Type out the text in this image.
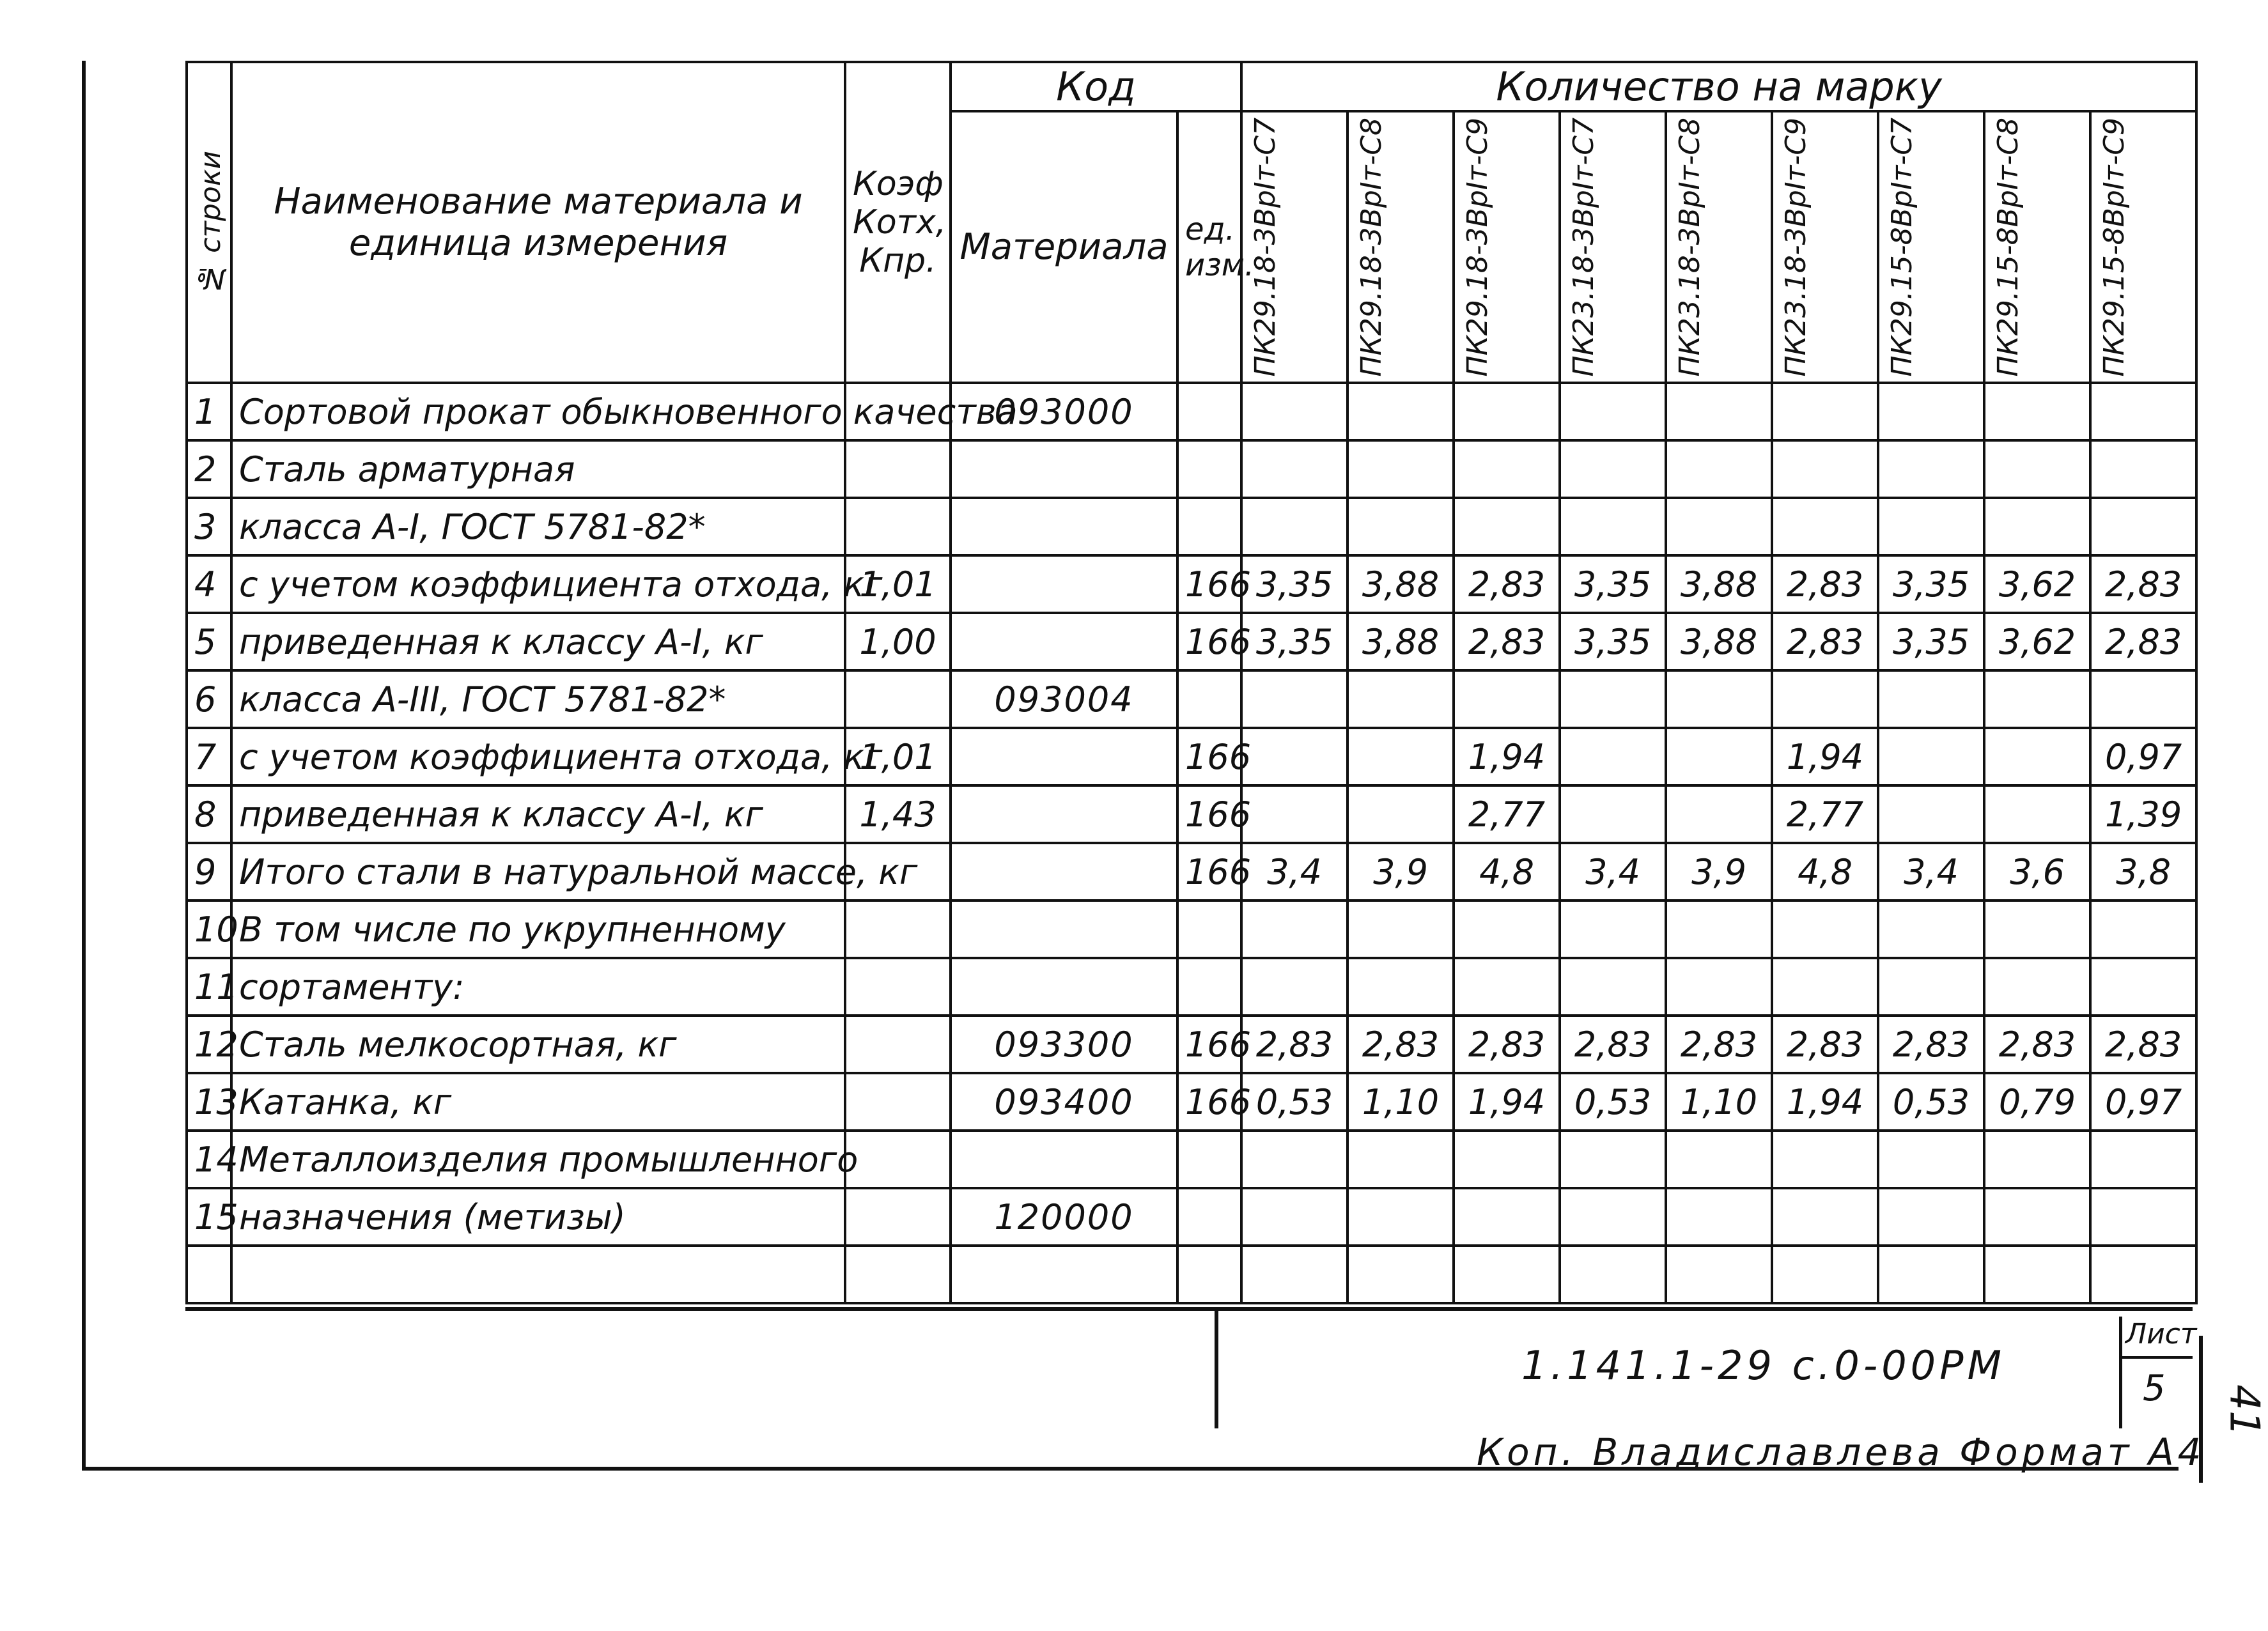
№ строки	Наименование материала и единица измерения	Коэф Котх, Кпр.	Код		Количество на марку								
			Материала	ед. изм.	ПК29.18-3ВрIт-С7	ПК29.18-3ВрIт-С8	ПК29.18-3ВрIт-С9	ПК23.18-3ВрIт-С7	ПК23.18-3ВрIт-С8	ПК23.18-3ВрIт-С9	ПК29.15-8ВрIт-С7	ПК29.15-8ВрIт-С8	ПК29.15-8ВрIт-С9

1	Сортовой прокат обыкновенного качества		093000										
2	Сталь арматурная												
3	класса А-I, ГОСТ 5781-82*												
4	с учетом коэффициента отхода, кг	1,01		166	3,35	3,88	2,83	3,35	3,88	2,83	3,35	3,62	2,83
5	приведенная к классу А-I, кг	1,00		166	3,35	3,88	2,83	3,35	3,88	2,83	3,35	3,62	2,83
6	класса А-III, ГОСТ 5781-82*		093004										
7	с учетом коэффициента отхода, кг	1,01		166			1,94			1,94			0,97
8	приведенная к классу А-I, кг	1,43		166			2,77			2,77			1,39
9	Итого стали в натуральной массе, кг			166	3,4	3,9	4,8	3,4	3,9	4,8	3,4	3,6	3,8
10	В том числе по укрупненному												
11	сортаменту:												
12	Сталь мелкосортная, кг		093300	166	2,83	2,83	2,83	2,83	2,83	2,83	2,83	2,83	2,83
13	Катанка, кг		093400	166	0,53	1,10	1,94	0,53	1,10	1,94	0,53	0,79	0,97
14	Металлоизделия промышленного												
15	назначения (метизы)		120000										

1.141.1-29 с.0-00РМ
Лист
5
Коп. Владиславлева Формат А4
41
